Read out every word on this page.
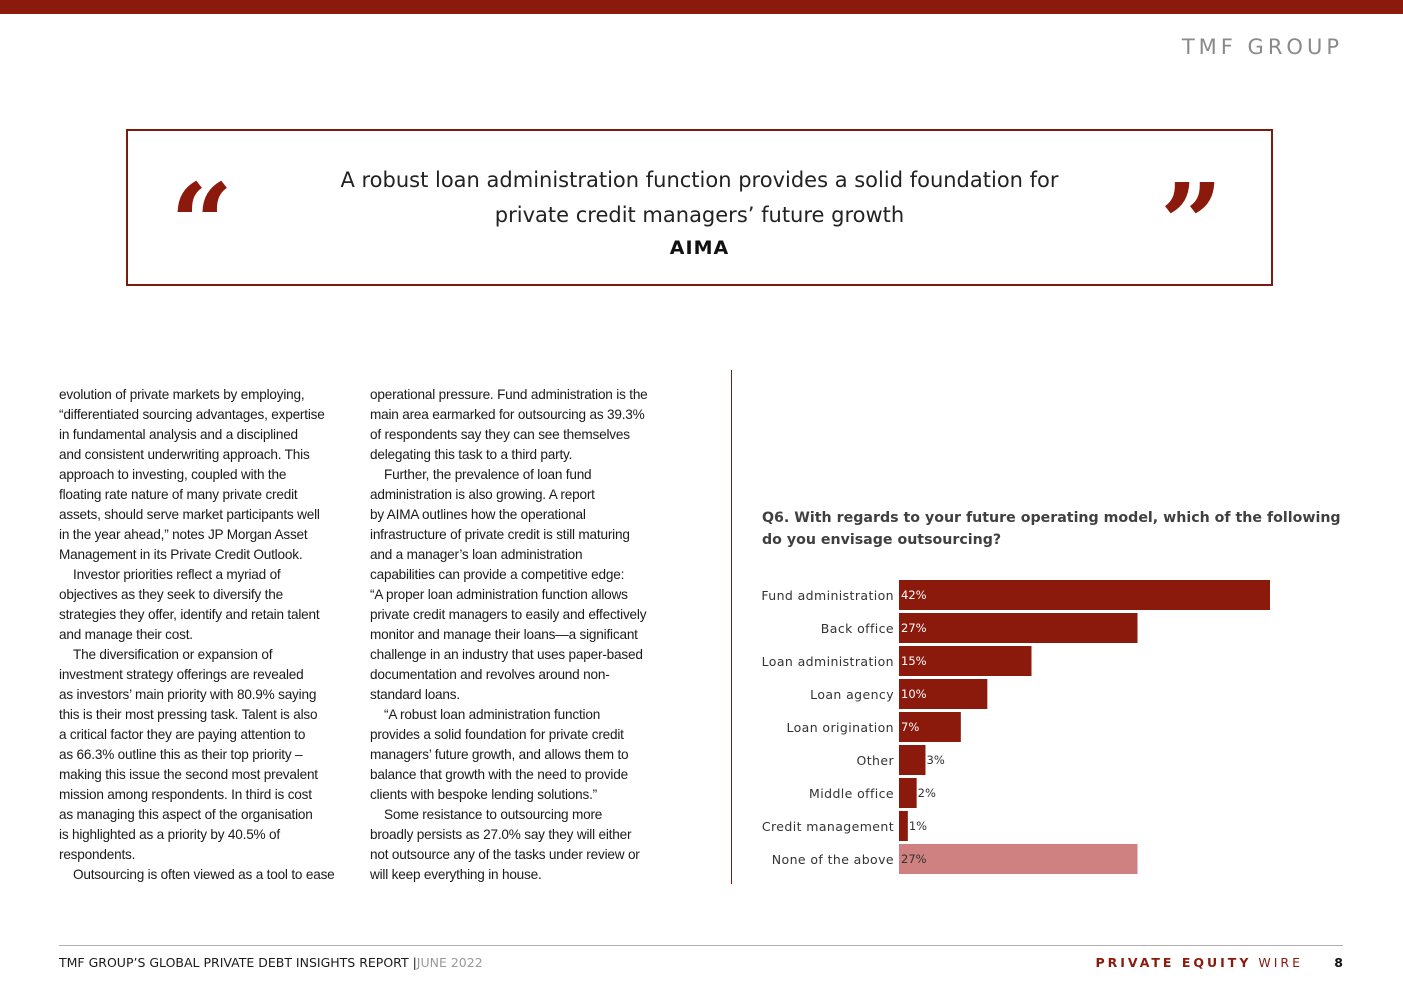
TMF GROUP
“	A robust loan administration function provides a solid foundation for
private credit managers’ future growth
AIMA	”
evolution of private markets by employing,
“differentiated sourcing advantages, expertise
in fundamental analysis and a disciplined
and consistent underwriting approach. This
approach to investing, coupled with the
floating rate nature of many private credit
assets, should serve market participants well
in the year ahead,” notes JP Morgan Asset
Management in its Private Credit Outlook.
Investor priorities reflect a myriad of
objectives as they seek to diversify the
strategies they offer, identify and retain talent
and manage their cost.
The diversification or expansion of
investment strategy offerings are revealed
as investors’ main priority with 80.9% saying
this is their most pressing task. Talent is also
a critical factor they are paying attention to
as 66.3% outline this as their top priority –
making this issue the second most prevalent
mission among respondents. In third is cost
as managing this aspect of the organisation
is highlighted as a priority by 40.5% of
respondents.
Outsourcing is often viewed as a tool to ease
operational pressure. Fund administration is the
main area earmarked for outsourcing as 39.3%
of respondents say they can see themselves
delegating this task to a third party.
Further, the prevalence of loan fund
administration is also growing. A report
by AIMA outlines how the operational
infrastructure of private credit is still maturing
and a manager’s loan administration
capabilities can provide a competitive edge:
“A proper loan administration function allows
private credit managers to easily and effectively
monitor and manage their loans—a significant
challenge in an industry that uses paper-based
documentation and revolves around non-
standard loans.
“A robust loan administration function
provides a solid foundation for private credit
managers’ future growth, and allows them to
balance that growth with the need to provide
clients with bespoke lending solutions.”
Some resistance to outsourcing more
broadly persists as 27.0% say they will either
not outsource any of the tasks under review or
will keep everything in house.
Q6. With regards to your future operating model, which of the following do you envisage outsourcing?
Fund administration 42%
Back office 27%
Loan administration 15%
Loan agency 10%
Loan origination 7%
Other	3%
Middle office 2%
Credit management 1%
None of the above 27%
TMF GROUP’S GLOBAL PRIVATE DEBT INSIGHTS REPORT |JUNE 2022	PRIVATE EQUITY WIRE	8
